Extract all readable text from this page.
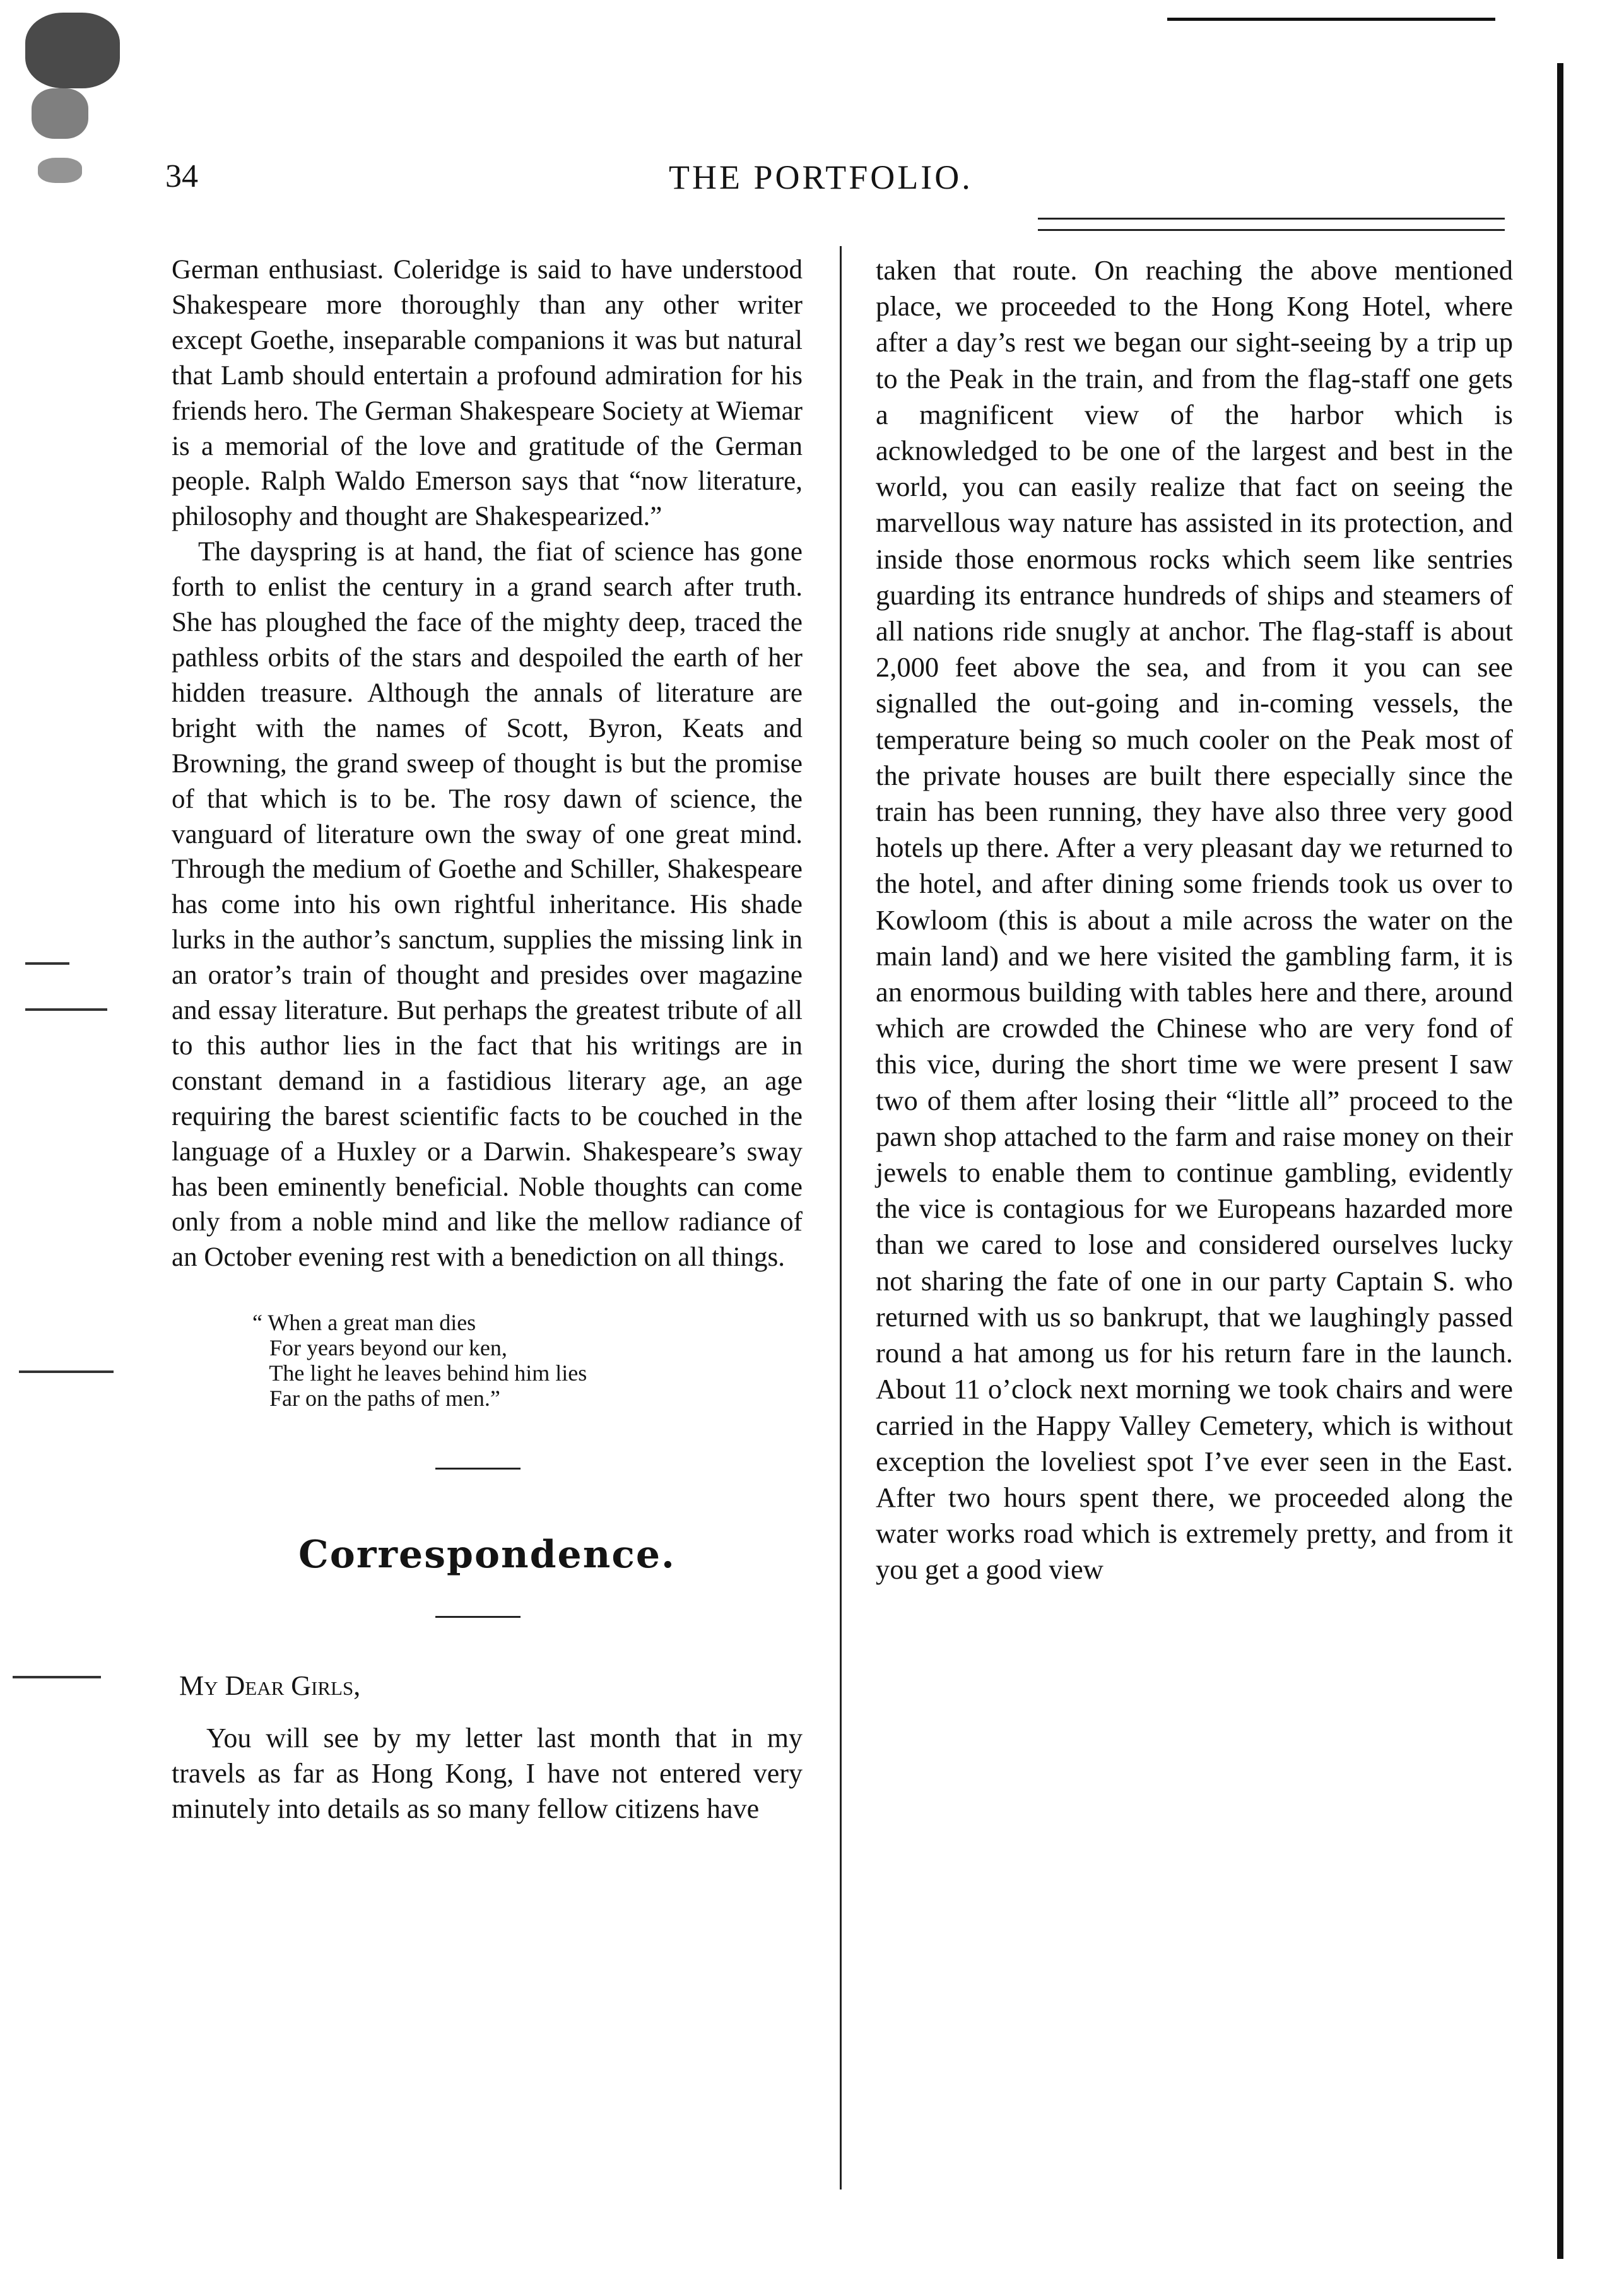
34	THE PORTFOLIO.

German enthusiast. Coleridge is said to have understood Shakespeare more thoroughly than any other writer except Goethe, inseparable companions it was but natural that Lamb should entertain a profound admiration for his friends hero. The German Shakespeare Society at Wiemar is a memorial of the love and gratitude of the German people. Ralph Waldo Emerson says that “now literature, philosophy and thought are Shakespearized.”

The dayspring is at hand, the fiat of science has gone forth to enlist the century in a grand search after truth. She has ploughed the face of the mighty deep, traced the pathless orbits of the stars and despoiled the earth of her hidden treasure. Although the annals of literature are bright with the names of Scott, Byron, Keats and Browning, the grand sweep of thought is but the promise of that which is to be. The rosy dawn of science, the vanguard of literature own the sway of one great mind. Through the medium of Goethe and Schiller, Shakespeare has come into his own rightful inheritance. His shade lurks in the author’s sanctum, supplies the missing link in an orator’s train of thought and presides over magazine and essay literature. But perhaps the greatest tribute of all to this author lies in the fact that his writings are in constant demand in a fastidious literary age, an age requiring the barest scientific facts to be couched in the language of a Huxley or a Darwin. Shakespeare’s sway has been eminently beneficial. Noble thoughts can come only from a noble mind and like the mellow radiance of an October evening rest with a benediction on all things.

“ When a great man dies
For years beyond our ken,
The light he leaves behind him lies
Far on the paths of men.”
Correspondence.
My Dear Girls,

You will see by my letter last month that in my travels as far as Hong Kong, I have not entered very minutely into details as so many fellow citizens have

taken that route. On reaching the above mentioned place, we proceeded to the Hong Kong Hotel, where after a day’s rest we began our sight-seeing by a trip up to the Peak in the train, and from the flag-staff one gets a magnificent view of the harbor which is acknowledged to be one of the largest and best in the world, you can easily realize that fact on seeing the marvellous way nature has assisted in its protection, and inside those enormous rocks which seem like sentries guarding its entrance hundreds of ships and steamers of all nations ride snugly at anchor. The flag-staff is about 2,000 feet above the sea, and from it you can see signalled the out-going and in-coming vessels, the temperature being so much cooler on the Peak most of the private houses are built there especially since the train has been running, they have also three very good hotels up there. After a very pleasant day we returned to the hotel, and after dining some friends took us over to Kowloom (this is about a mile across the water on the main land) and we here visited the gambling farm, it is an enormous building with tables here and there, around which are crowded the Chinese who are very fond of this vice, during the short time we were present I saw two of them after losing their “little all” proceed to the pawn shop attached to the farm and raise money on their jewels to enable them to continue gambling, evidently the vice is contagious for we Europeans hazarded more than we cared to lose and considered ourselves lucky not sharing the fate of one in our party Captain S. who returned with us so bankrupt, that we laughingly passed round a hat among us for his return fare in the launch. About 11 o’clock next morning we took chairs and were carried in the Happy Valley Cemetery, which is without exception the loveliest spot I’ve ever seen in the East. After two hours spent there, we proceeded along the water works road which is extremely pretty, and from it you get a good view
